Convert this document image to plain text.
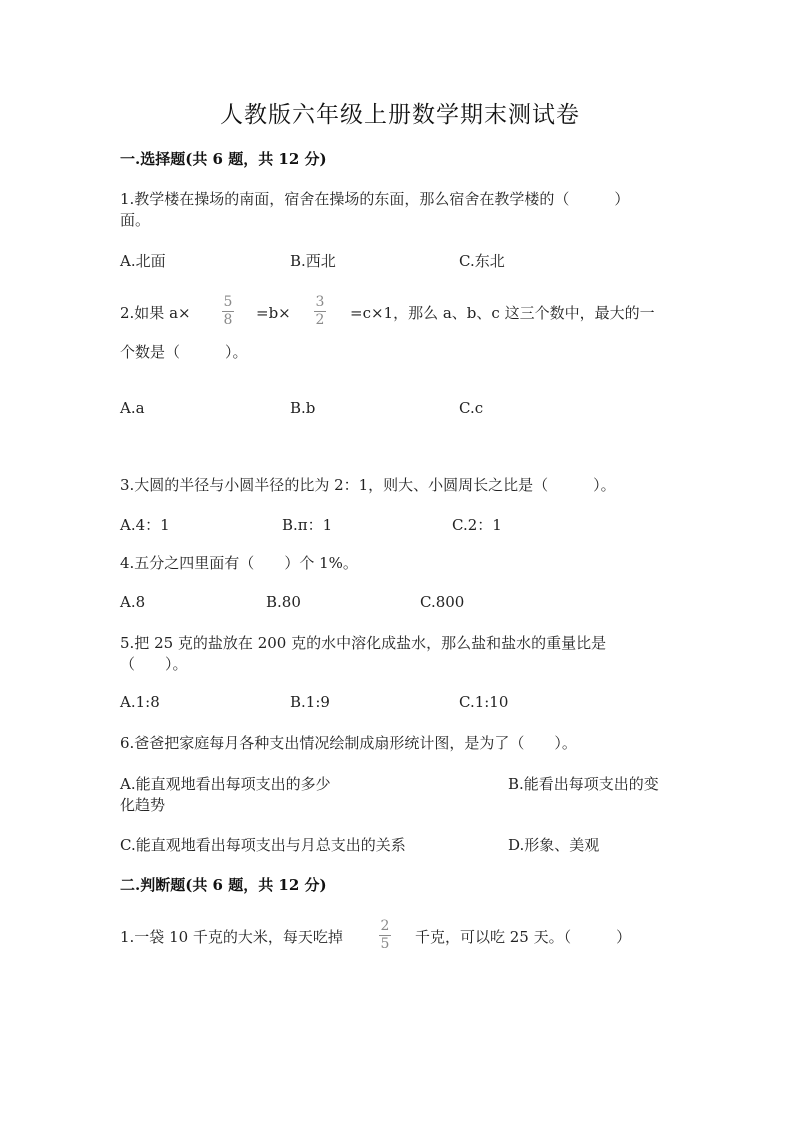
人教版六年级上册数学期末测试卷
一.选择题(共 6 题，共 12 分)
1.教学楼在操场的南面，宿舍在操场的东面，那么宿舍在教学楼的（　　　）
面。
A.北面	B.西北	C.东北
2.如果 a×
5
8 =b×
3
2 =c×1，那么 a、b、c 这三个数中，最大的一
个数是（　　　）。
A.a	B.b	C.c
3.大圆的半径与小圆半径的比为 2：1，则大、小圆周长之比是（　　　）。
A.4：1	B.π：1	C.2：1
4.五分之四里面有（　　）个 1%。
A.8	B.80	C.800
5.把 25 克的盐放在 200 克的水中溶化成盐水，那么盐和盐水的重量比是
（　　）。
A.1:8	B.1:9	C.1:10
6.爸爸把家庭每月各种支出情况绘制成扇形统计图，是为了（　　）。
A.能直观地看出每项支出的多少	B.能看出每项支出的变
化趋势
C.能直观地看出每项支出与月总支出的关系	D.形象、美观
二.判断题(共 6 题，共 12 分)
1.一袋 10 千克的大米，每天吃掉
2
5 千克，可以吃 25 天。（　　　）
